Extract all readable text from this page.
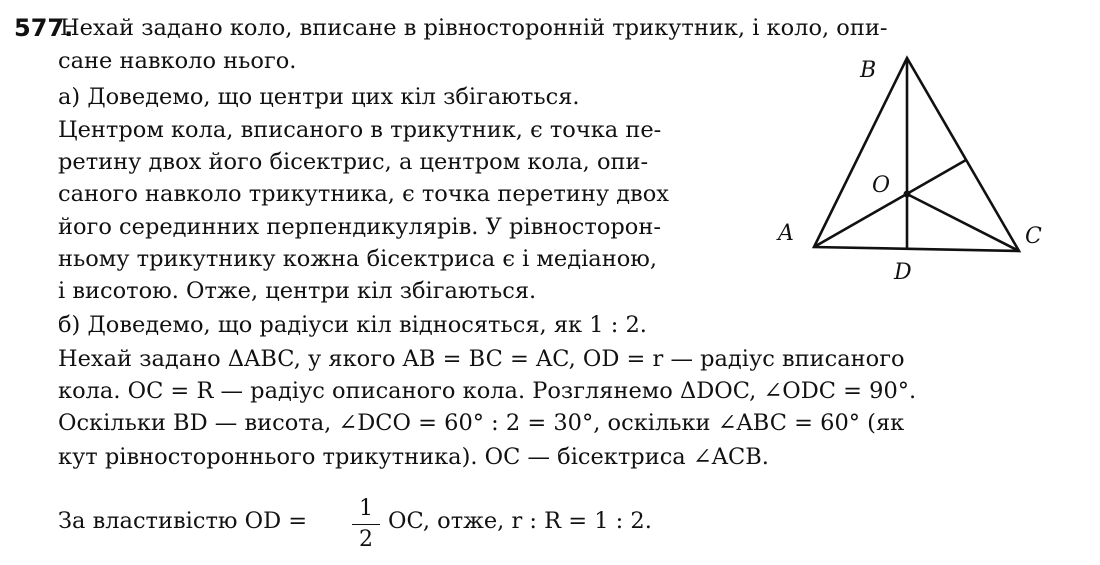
577.
Нехай задано коло, вписане в рівносторонній трикутник, і коло, опи-
сане навколо нього.
а) Доведемо, що центри цих кіл збігаються.
Центром кола, вписаного в трикутник, є точка пе-
ретину двох його бісектрис, а центром кола, опи-
саного навколо трикутника, є точка перетину двох
його серединних перпендикулярів. У рівносторон-
ньому трикутнику кожна бісектриса є і медіаною,
і висотою. Отже, центри кіл збігаються.
б) Доведемо, що радіуси кіл відносяться, як 1 : 2.
Нехай задано ΔABC, у якого AB = BC = AC, OD = r — радіус вписаного
кола. OC = R — радіус описаного кола. Розглянемо ΔDOC, ∠ODC = 90°.
Оскільки BD — висота, ∠DCO = 60° : 2 = 30°, оскільки ∠ABC = 60° (як
кут рівностороннього трикутника). OC — бісектриса ∠ACB.
За властивістю OD =	1
2
OC, отже, r : R = 1 : 2.
B
O
A	C
D
